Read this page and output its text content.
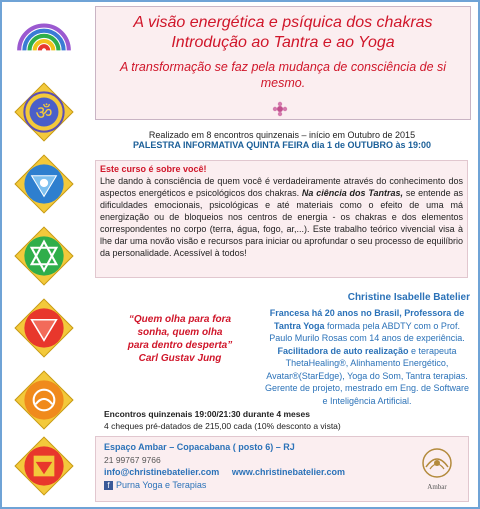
ॐ

A visão energética e psíquica dos chakras

Introdução ao Tantra e ao Yoga

A transformação se faz pela mudança de consciência de si mesmo.

Realizado em 8 encontros quinzenais – início em Outubro de 2015
PALESTRA INFORMATIVA QUINTA FEIRA dia 1 de OUTUBRO às 19:00
Este curso é sobre você!

Lhe dando à consciência de quem você é verdadeiramente através do conhecimento dos aspectos energéticos e psicológicos dos chakras. Na ciência dos Tantras, se entende as dificuldades emocionais, psicológicas e até materiais como o efeito de uma má energização ou de bloqueios nos centros de energia - os chakras e dos elementos correspondentes no corpo (terra, água, fogo, ar,...). Este trabalho teórico vivencial visa à lhe dar uma novão visão e recursos para iniciar ou aprofundar o seu processo de equilíbrio da personalidade. Acessível à todos!

Christine Isabelle Batelier
“Quem olha para fora
sonha, quem olha
para dentro desperta”
Carl Gustav Jung
Francesa há 20 anos no Brasil, Professora de Tantra Yoga formada pela ABDTY com o Prof. Paulo Murilo Rosas com 14 anos de experiência. Facilitadora de auto realização e terapeuta ThetaHealing®, Alinhamento Energético, Avatar®(StarEdge), Yoga do Som, Tantra terapias. Gerente de projeto, mestrado em Eng. de Software e Inteligência Artificial.
Encontros quinzenais 19:00/21:30 durante 4 meses
4 cheques pré-datados de 215,00 cada (10% desconto a vista)
Espaço Ambar – Copacabana ( posto 6) – RJ
21 99767 9766
info@christinebatelier.com www.christinebatelier.com
f Purna Yoga e Terapias	Ambar
